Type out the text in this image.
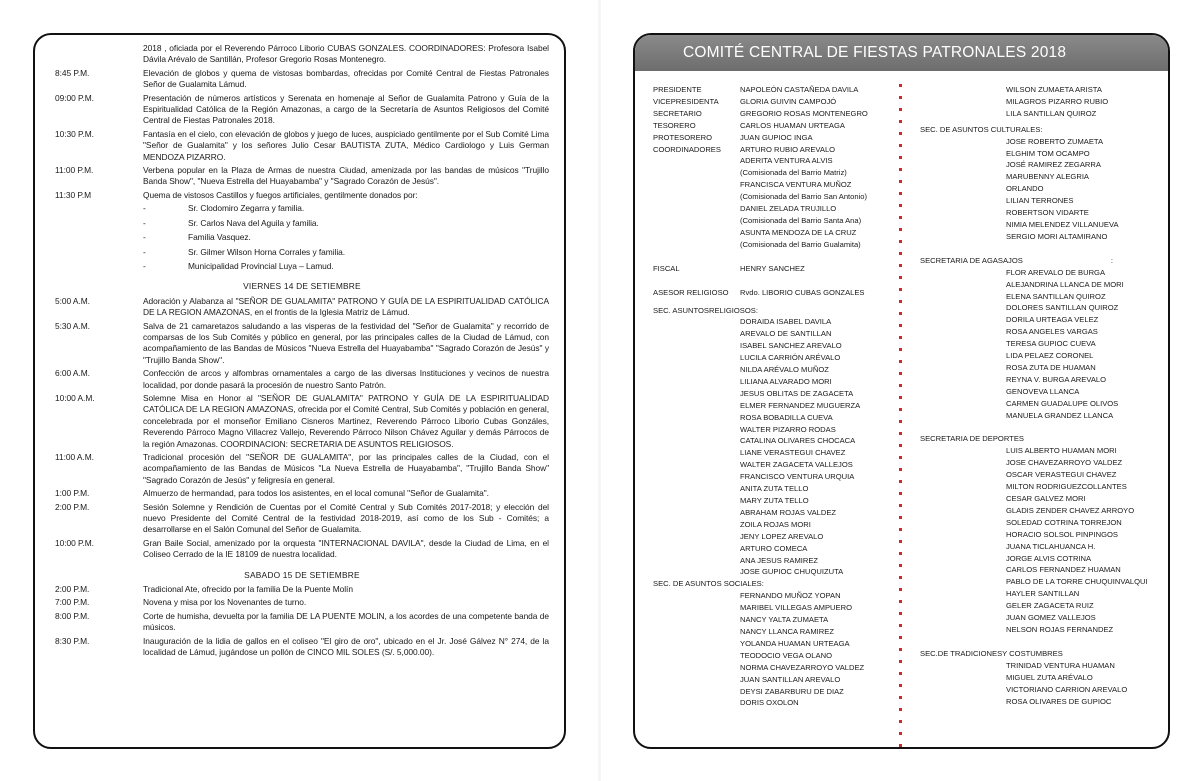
2018 , oficiada por el Reverendo Párroco Liborio CUBAS GONZALES. COORDINADORES: Profesora Isabel Dávila Arévalo de Santillán, Profesor Gregorio Rosas Montenegro.
8:45 P.M.	Elevación de globos y quema de vistosas bombardas, ofrecidas por Comité Central de Fiestas Patronales Señor de Gualamita Lámud.
09:00 P.M.	Presentación de números artísticos y Serenata en homenaje al Señor de Gualamita Patrono y Guía de la Espiritualidad Católica de la Región Amazonas, a cargo de la Secretaría de Asuntos Religiosos del Comité Central de Fiestas Patronales 2018.
10:30 P.M.	Fantasía en el cielo, con elevación de globos y juego de luces, auspiciado gentilmente por el Sub Comité Lima "Señor de Gualamita" y los señores Julio Cesar BAUTISTA ZUTA, Médico Cardiologo y Luis German MENDOZA PIZARRO.
11:00 P.M.	Verbena popular en la Plaza de Armas de nuestra Ciudad, amenizada por las bandas de músicos "Trujillo Banda Show", "Nueva Estrella del Huayabamba" y "Sagrado Corazón de Jesús".
11:30 P.M	Quema de vistosos Castillos y fuegos artificiales, gentilmente donados por:
-	Sr. Clodomiro Zegarra y familia.
-	Sr. Carlos Nava del Aguila y familia.
-	Familia Vasquez.
-	Sr. Gilmer Wilson Horna Corrales y familia.
-	Municipalidad Provincial Luya – Lamud.
VIERNES 14 DE SETIEMBRE
5:00 A.M.	Adoración y Alabanza al "SEÑOR DE GUALAMITA" PATRONO Y GUÍA DE LA ESPIRITUALIDAD CATÓLICA DE LA REGION AMAZONAS, en el frontis de la Iglesia Matriz de Lámud.
5:30 A.M.	Salva de 21 camaretazos saludando a las visperas de la festividad del "Señor de Gualamita" y recorrido de comparsas de los Sub Comités y público en general, por las principales calles de la Ciudad de Lámud, con acompañamiento de las Bandas de Músicos "Nueva Estrella del Huayabamba" "Sagrado Corazón de Jesús" y "Trujillo Banda Show".
6:00 A.M.	Confección de arcos y alfombras ornamentales a cargo de las diversas Instituciones y vecinos de nuestra localidad, por donde pasará la procesión de nuestro Santo Patrón.
10:00 A.M.	Solemne Misa en Honor al "SEÑOR DE GUALAMITA" PATRONO Y GUÍA DE LA ESPIRITUALIDAD CATÓLICA DE LA REGION AMAZONAS, ofrecida por el Comité Central, Sub Comités y población en general, concelebrada por el monseñor Emiliano Cisneros Martinez, Reverendo Párroco Liborio Cubas Gonzáles, Reverendo Párroco Magno Villacrez Vallejo, Reverendo Párroco Nilson Chávez Aguilar y demás Párrocos de la región Amazonas. COORDINACION: SECRETARIA DE ASUNTOS RELIGIOSOS.
11:00 A.M.	Tradicional procesión del "SEÑOR DE GUALAMITA", por las principales calles de la Ciudad, con el acompañamiento de las Bandas de Músicos "La Nueva Estrella de Huayabamba", "Trujillo Banda Show" "Sagrado Corazón de Jesús" y feligresía en general.
1:00 P.M.	Almuerzo de hermandad, para todos los asistentes, en el local comunal "Señor de Gualamita".
2:00 P.M.	Sesión Solemne y Rendición de Cuentas por el Comité Central y Sub Comités 2017-2018; y elección del nuevo Presidente del Comité Central de la festividad 2018-2019, así como de los Sub - Comités; a desarrollarse en el Salón Comunal del Señor de Gualamita.
10:00 P.M.	Gran Baile Social, amenizado por la orquesta "INTERNACIONAL DAVILA", desde la Ciudad de Lima, en el Coliseo Cerrado de la IE 18109 de nuestra localidad.
SABADO 15 DE SETIEMBRE
2:00 P.M.	Tradicional Ate, ofrecido por la familia De la Puente Molín
7:00 P.M.	Novena y misa por los Novenantes de turno.
8:00 P.M.	Corte de humisha, devuelta por la familia DE LA PUENTE MOLIN, a los acordes de una competente banda de músicos.
8:30 P.M.	Inauguración de la lidia de gallos en el coliseo "El giro de oro", ubicado en el Jr. José Gálvez N° 274, de la localidad de Lámud, jugándose un pollón de CINCO MIL SOLES (S/. 5,000.00).
COMITÉ CENTRAL DE FIESTAS PATRONALES 2018
PRESIDENTE	NAPOLEÓN CASTAÑEDA DAVILA
VICEPRESIDENTA	GLORIA GUIVIN CAMPOJÓ
SECRETARIO	GREGORIO ROSAS MONTENEGRO
TESORERO	CARLOS HUAMAN URTEAGA
PROTESORERO	JUAN GUPIOC INGA
COORDINADORES	ARTURO RUBIO AREVALO
ADERITA VENTURA ALVIS
(Comisionada del Barrio Matriz)
FRANCISCA VENTURA MUÑOZ
(Comisionada del Barrio San Antonio)
DANIEL ZELADA TRUJILLO
(Comisionada del Barrio Santa Ana)
ASUNTA MENDOZA DE LA CRUZ
(Comisionada del Barrio Gualamita)
FISCAL	HENRY SANCHEZ
ASESOR RELIGIOSO	Rvdo. LIBORIO CUBAS GONZALES
SEC. ASUNTOSRELIGIOSOS:
DORAIDA ISABEL DAVILA
AREVALO DE SANTILLAN
ISABEL SANCHEZ AREVALO
LUCILA CARRIÓN ARÉVALO
NILDA ARÉVALO MUÑOZ
LILIANA ALVARADO MORI
JESUS OBLITAS DE ZAGACETA
ELMER FERNANDEZ MUGUERZA
ROSA BOBADILLA CUEVA
WALTER PIZARRO RODAS
CATALINA OLIVARES CHOCACA
LIANE VERASTEGUI CHAVEZ
WALTER ZAGACETA VALLEJOS
FRANCISCO VENTURA URQUIA
ANITA ZUTA TELLO
MARY ZUTA TELLO
ABRAHAM ROJAS VALDEZ
ZOILA ROJAS MORI
JENY LOPEZ AREVALO
ARTURO COMECA
ANA JESUS RAMIREZ
JOSE GUPIOC CHUQUIZUTA
SEC. DE ASUNTOS SOCIALES:
FERNANDO MUÑOZ YOPAN
MARIBEL VILLEGAS AMPUERO
NANCY YALTA ZUMAETA
NANCY LLANCA RAMIREZ
YOLANDA HUAMAN URTEAGA
TEODOCIO VEGA OLANO
NORMA CHAVEZARROYO VALDEZ
JUAN SANTILLAN AREVALO
DEYSI ZABARBURU DE DIAZ
DORIS OXOLON
WILSON ZUMAETA ARISTA
MILAGROS PIZARRO RUBIO
LILA SANTILLAN QUIROZ
SEC. DE ASUNTOS CULTURALES:
JOSE ROBERTO ZUMAETA
ELGHIM TOM OCAMPO
JOSÉ RAMIREZ ZEGARRA
MARUBENNY ALEGRIA
ORLANDO
LILIAN TERRONES
ROBERTSON VIDARTE
NIMIA MELENDEZ VILLANUEVA
SERGIO MORI ALTAMIRANO
SECRETARIA DE AGASAJOS	:
FLOR AREVALO DE BURGA
ALEJANDRINA LLANCA DE MORI
ELENA SANTILLAN QUIROZ
DOLORES SANTILLAN QUIROZ
DORILA URTEAGA VELEZ
ROSA ANGELES VARGAS
TERESA GUPIOC CUEVA
LIDA PELAEZ CORONEL
ROSA ZUTA DE HUAMAN
REYNA V. BURGA AREVALO
GENOVEVA LLANCA
CARMEN GUADALUPE OLIVOS
MANUELA GRANDEZ LLANCA
SECRETARIA DE DEPORTES
LUIS ALBERTO HUAMAN MORI
JOSE CHAVEZARROYO VALDEZ
OSCAR VERASTEGUI CHAVEZ
MILTON RODRIGUEZCOLLANTES
CESAR GALVEZ MORI
GLADIS ZENDER CHAVEZ ARROYO
SOLEDAD COTRINA TORREJON
HORACIO SOLSOL PINPINGOS
JUANA TICLAHUANCA H.
JORGE ALVIS COTRINA
CARLOS FERNANDEZ HUAMAN
PABLO DE LA TORRE CHUQUINVALQUI
HAYLER SANTILLAN
GELER ZAGACETA RUIZ
JUAN GOMEZ VALLEJOS
NELSON ROJAS FERNANDEZ
SEC.DE TRADICIONESY COSTUMBRES
TRINIDAD VENTURA HUAMAN
MIGUEL ZUTA ARÉVALO
VICTORIANO CARRION AREVALO
ROSA OLIVARES DE GUPIOC
